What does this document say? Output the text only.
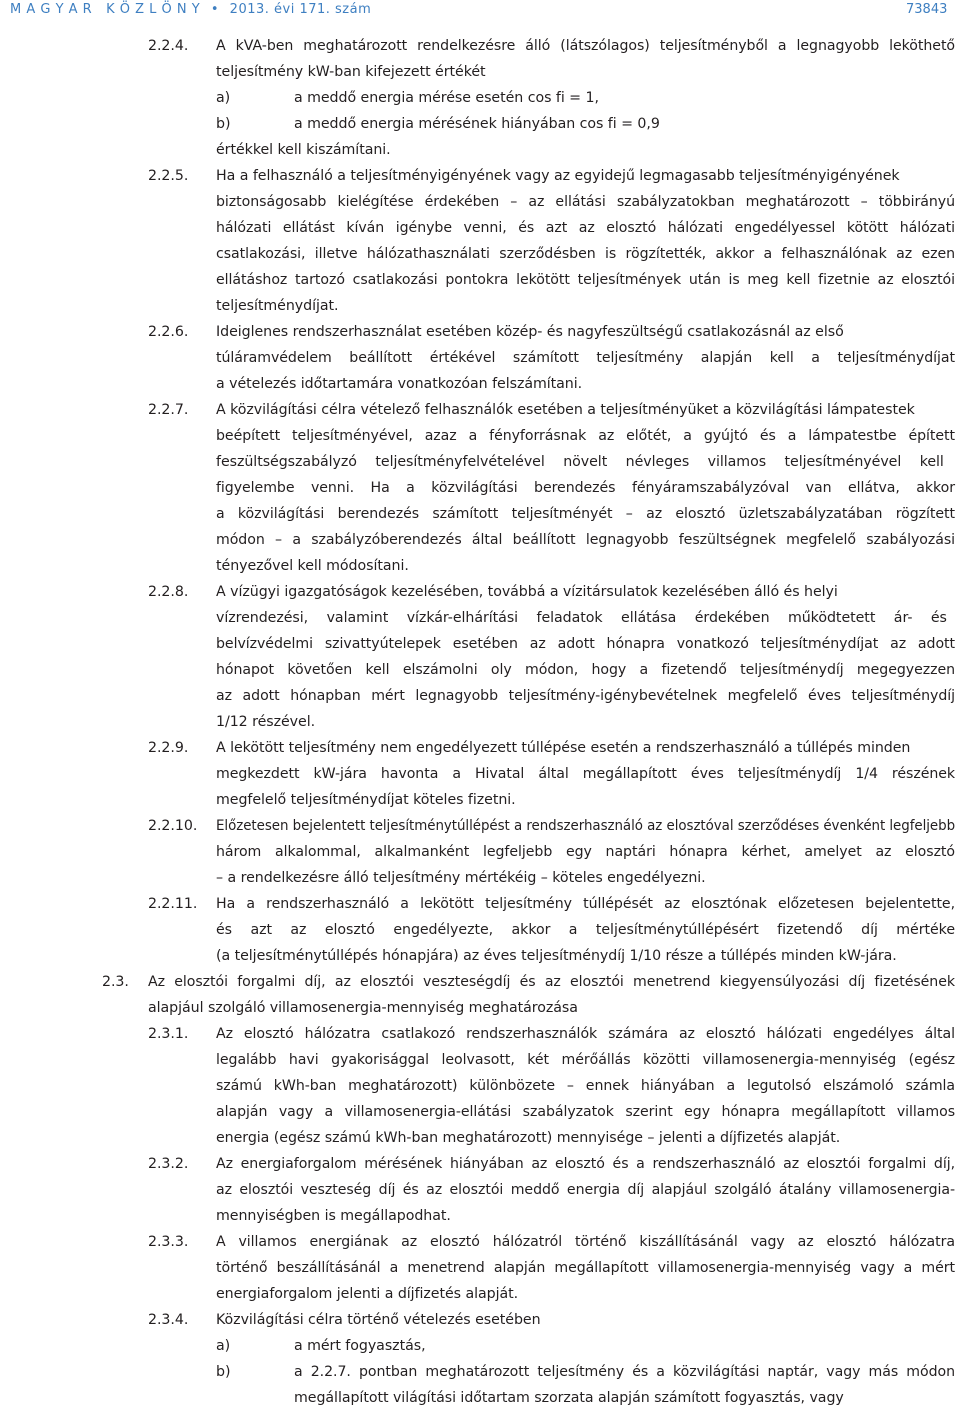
M A G Y A R   K Ö Z L Ö N Y • 2013. évi 171. szám	73843
2.2.4. A kVA-ben meghatározott rendelkezésre álló (látszólagos) teljesítményből a legnagyobb leköthető
teljesítmény kW-ban kifejezett értékét
a)	a meddő energia mérése esetén cos fi = 1,
b)	a meddő energia mérésének hiányában cos fi = 0,9
értékkel kell kiszámítani.
2.2.5. Ha a felhasználó a teljesítményigényének vagy az egyidejű legmagasabb teljesítményigényének
biztonságosabb kielégítése érdekében – az ellátási szabályzatokban meghatározott – többirányú
hálózati ellátást kíván igénybe venni, és azt az elosztó hálózati engedélyessel kötött hálózati
csatlakozási, illetve hálózathasználati szerződésben is rögzítették, akkor a felhasználónak az ezen
ellátáshoz tartozó csatlakozási pontokra lekötött teljesítmények után is meg kell fizetnie az elosztói
teljesítménydíjat.
2.2.6. Ideiglenes rendszerhasználat esetében közép- és nagyfeszültségű csatlakozásnál az első
túláramvédelem beállított értékével számított teljesítmény alapján kell a teljesítménydíjat
a vételezés időtartamára vonatkozóan felszámítani.
2.2.7. A közvilágítási célra vételező felhasználók esetében a teljesítményüket a közvilágítási lámpatestek
beépített teljesítményével, azaz a fényforrásnak az előtét, a gyújtó és a lámpatestbe épített
feszültségszabályzó teljesítményfelvételével növelt névleges villamos teljesítményével kell
figyelembe venni. Ha a közvilágítási berendezés fényáramszabályzóval van ellátva, akkor
a közvilágítási berendezés számított teljesítményét – az elosztó üzletszabályzatában rögzített
módon – a szabályzóberendezés által beállított legnagyobb feszültségnek megfelelő szabályozási
tényezővel kell módosítani.
2.2.8. A vízügyi igazgatóságok kezelésében, továbbá a vízitársulatok kezelésében álló és helyi
vízrendezési, valamint vízkár-elhárítási feladatok ellátása érdekében működtetett ár- és
belvízvédelmi szivattyútelepek esetében az adott hónapra vonatkozó teljesítménydíjat az adott
hónapot követően kell elszámolni oly módon, hogy a fizetendő teljesítménydíj megegyezzen
az adott hónapban mért legnagyobb teljesítmény-igénybevételnek megfelelő éves teljesítménydíj
1/12 részével.
2.2.9. A lekötött teljesítmény nem engedélyezett túllépése esetén a rendszerhasználó a túllépés minden
megkezdett kW-jára havonta a Hivatal által megállapított éves teljesítménydíj 1/4 részének
megfelelő teljesítménydíjat köteles fizetni.
2.2.10. Előzetesen bejelentett teljesítménytúllépést a rendszerhasználó az elosztóval szerződéses évenként legfeljebb
három alkalommal, alkalmanként legfeljebb egy naptári hónapra kérhet, amelyet az elosztó
– a rendelkezésre álló teljesítmény mértékéig – köteles engedélyezni.
2.2.11. Ha a rendszerhasználó a lekötött teljesítmény túllépését az elosztónak előzetesen bejelentette,
és azt az elosztó engedélyezte, akkor a teljesítménytúllépésért fizetendő díj mértéke
(a teljesítménytúllépés hónapjára) az éves teljesítménydíj 1/10 része a túllépés minden kW-jára.
2.3. Az elosztói forgalmi díj, az elosztói veszteségdíj és az elosztói menetrend kiegyensúlyozási díj fizetésének
alapjául szolgáló villamosenergia-mennyiség meghatározása
2.3.1. Az elosztó hálózatra csatlakozó rendszerhasználók számára az elosztó hálózati engedélyes által
legalább havi gyakorisággal leolvasott, két mérőállás közötti villamosenergia-mennyiség (egész
számú kWh-ban meghatározott) különbözete – ennek hiányában a legutolsó elszámoló számla
alapján vagy a villamosenergia-ellátási szabályzatok szerint egy hónapra megállapított villamos
energia (egész számú kWh-ban meghatározott) mennyisége – jelenti a díjfizetés alapját.
2.3.2. Az energiaforgalom mérésének hiányában az elosztó és a rendszerhasználó az elosztói forgalmi díj,
az elosztói veszteség díj és az elosztói meddő energia díj alapjául szolgáló átalány villamosenergia-
mennyiségben is megállapodhat.
2.3.3. A villamos energiának az elosztó hálózatról történő kiszállításánál vagy az elosztó hálózatra
történő beszállításánál a menetrend alapján megállapított villamosenergia-mennyiség vagy a mért
energiaforgalom jelenti a díjfizetés alapját.
2.3.4. Közvilágítási célra történő vételezés esetében
a)	a mért fogyasztás,
b)	a 2.2.7. pontban meghatározott teljesítmény és a közvilágítási naptár, vagy más módon
megállapított világítási időtartam szorzata alapján számított fogyasztás, vagy
